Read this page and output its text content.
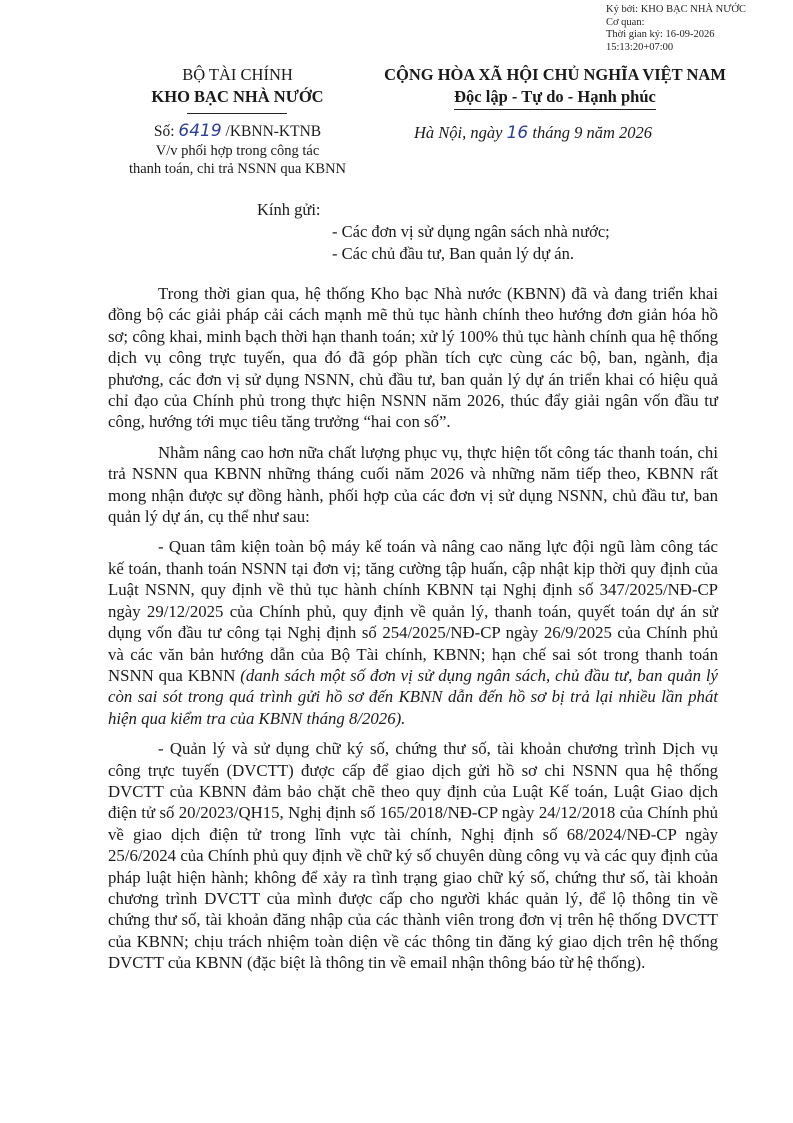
Ký bởi: KHO BẠC NHÀ NƯỚC
Cơ quan:
Thời gian ký: 16-09-2026
15:13:20+07:00
BỘ TÀI CHÍNH
KHO BẠC NHÀ NƯỚC
CỘNG HÒA XÃ HỘI CHỦ NGHĨA VIỆT NAM
Độc lập - Tự do - Hạnh phúc
Số: 6419 /KBNN-KTNB
V/v phối hợp trong công tác
thanh toán, chi trả NSNN qua KBNN
Hà Nội, ngày 16 tháng 9 năm 2026
Kính gửi:
- Các đơn vị sử dụng ngân sách nhà nước;
- Các chủ đầu tư, Ban quản lý dự án.

Trong thời gian qua, hệ thống Kho bạc Nhà nước (KBNN) đã và đang triển khai đồng bộ các giải pháp cải cách mạnh mẽ thủ tục hành chính theo hướng đơn giản hóa hồ sơ; công khai, minh bạch thời hạn thanh toán; xử lý 100% thủ tục hành chính qua hệ thống dịch vụ công trực tuyến, qua đó đã góp phần tích cực cùng các bộ, ban, ngành, địa phương, các đơn vị sử dụng NSNN, chủ đầu tư, ban quản lý dự án triển khai có hiệu quả chỉ đạo của Chính phủ trong thực hiện NSNN năm 2026, thúc đẩy giải ngân vốn đầu tư công, hướng tới mục tiêu tăng trưởng “hai con số”.

Nhằm nâng cao hơn nữa chất lượng phục vụ, thực hiện tốt công tác thanh toán, chi trả NSNN qua KBNN những tháng cuối năm 2026 và những năm tiếp theo, KBNN rất mong nhận được sự đồng hành, phối hợp của các đơn vị sử dụng NSNN, chủ đầu tư, ban quản lý dự án, cụ thể như sau:

- Quan tâm kiện toàn bộ máy kế toán và nâng cao năng lực đội ngũ làm công tác kế toán, thanh toán NSNN tại đơn vị; tăng cường tập huấn, cập nhật kịp thời quy định của Luật NSNN, quy định về thủ tục hành chính KBNN tại Nghị định số 347/2025/NĐ-CP ngày 29/12/2025 của Chính phủ, quy định về quản lý, thanh toán, quyết toán dự án sử dụng vốn đầu tư công tại Nghị định số 254/2025/NĐ-CP ngày 26/9/2025 của Chính phủ và các văn bản hướng dẫn của Bộ Tài chính, KBNN; hạn chế sai sót trong thanh toán NSNN qua KBNN (danh sách một số đơn vị sử dụng ngân sách, chủ đầu tư, ban quản lý còn sai sót trong quá trình gửi hồ sơ đến KBNN dẫn đến hồ sơ bị trả lại nhiều lần phát hiện qua kiểm tra của KBNN tháng 8/2026).

- Quản lý và sử dụng chữ ký số, chứng thư số, tài khoản chương trình Dịch vụ công trực tuyến (DVCTT) được cấp để giao dịch gửi hồ sơ chi NSNN qua hệ thống DVCTT của KBNN đảm bảo chặt chẽ theo quy định của Luật Kế toán, Luật Giao dịch điện tử số 20/2023/QH15, Nghị định số 165/2018/NĐ-CP ngày 24/12/2018 của Chính phủ về giao dịch điện tử trong lĩnh vực tài chính, Nghị định số 68/2024/NĐ-CP ngày 25/6/2024 của Chính phủ quy định về chữ ký số chuyên dùng công vụ và các quy định của pháp luật hiện hành; không để xảy ra tình trạng giao chữ ký số, chứng thư số, tài khoản chương trình DVCTT của mình được cấp cho người khác quản lý, để lộ thông tin về chứng thư số, tài khoản đăng nhập của các thành viên trong đơn vị trên hệ thống DVCTT của KBNN; chịu trách nhiệm toàn diện về các thông tin đăng ký giao dịch trên hệ thống DVCTT của KBNN (đặc biệt là thông tin về email nhận thông báo từ hệ thống).
